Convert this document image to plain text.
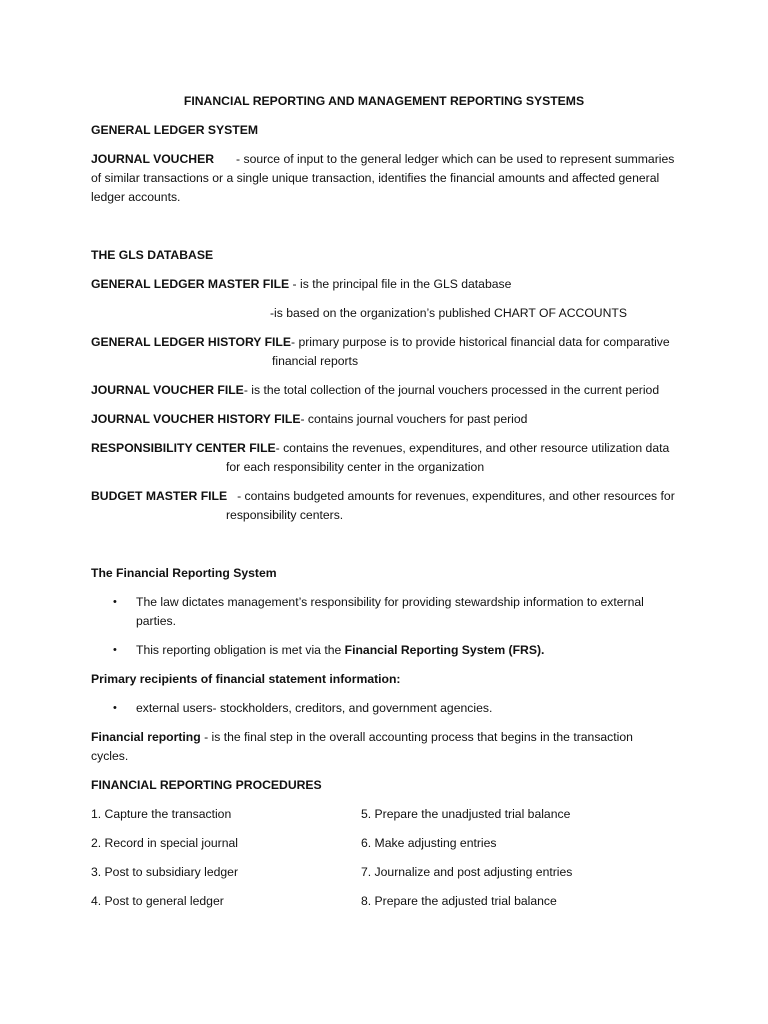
FINANCIAL REPORTING AND MANAGEMENT REPORTING SYSTEMS
GENERAL LEDGER SYSTEM
JOURNAL VOUCHER - source of input to the general ledger which can be used to represent summaries
of similar transactions or a single unique transaction, identifies the financial amounts and affected general
ledger accounts.
THE GLS DATABASE
GENERAL LEDGER MASTER FILE - is the principal file in the GLS database
-is based on the organization’s published CHART OF ACCOUNTS
GENERAL LEDGER HISTORY FILE- primary purpose is to provide historical financial data for comparative
financial reports
JOURNAL VOUCHER FILE- is the total collection of the journal vouchers processed in the current period
JOURNAL VOUCHER HISTORY FILE- contains journal vouchers for past period
RESPONSIBILITY CENTER FILE- contains the revenues, expenditures, and other resource utilization data
for each responsibility center in the organization
BUDGET MASTER FILE - contains budgeted amounts for revenues, expenditures, and other resources for
responsibility centers.
The Financial Reporting System
• The law dictates management’s responsibility for providing stewardship information to external
parties.
• This reporting obligation is met via the Financial Reporting System (FRS).
Primary recipients of financial statement information:
• external users- stockholders, creditors, and government agencies.
Financial reporting - is the final step in the overall accounting process that begins in the transaction
cycles.
FINANCIAL REPORTING PROCEDURES
1. Capture the transaction
2. Record in special journal
3. Post to subsidiary ledger
4. Post to general ledger
5. Prepare the unadjusted trial balance
6. Make adjusting entries
7. Journalize and post adjusting entries
8. Prepare the adjusted trial balance
